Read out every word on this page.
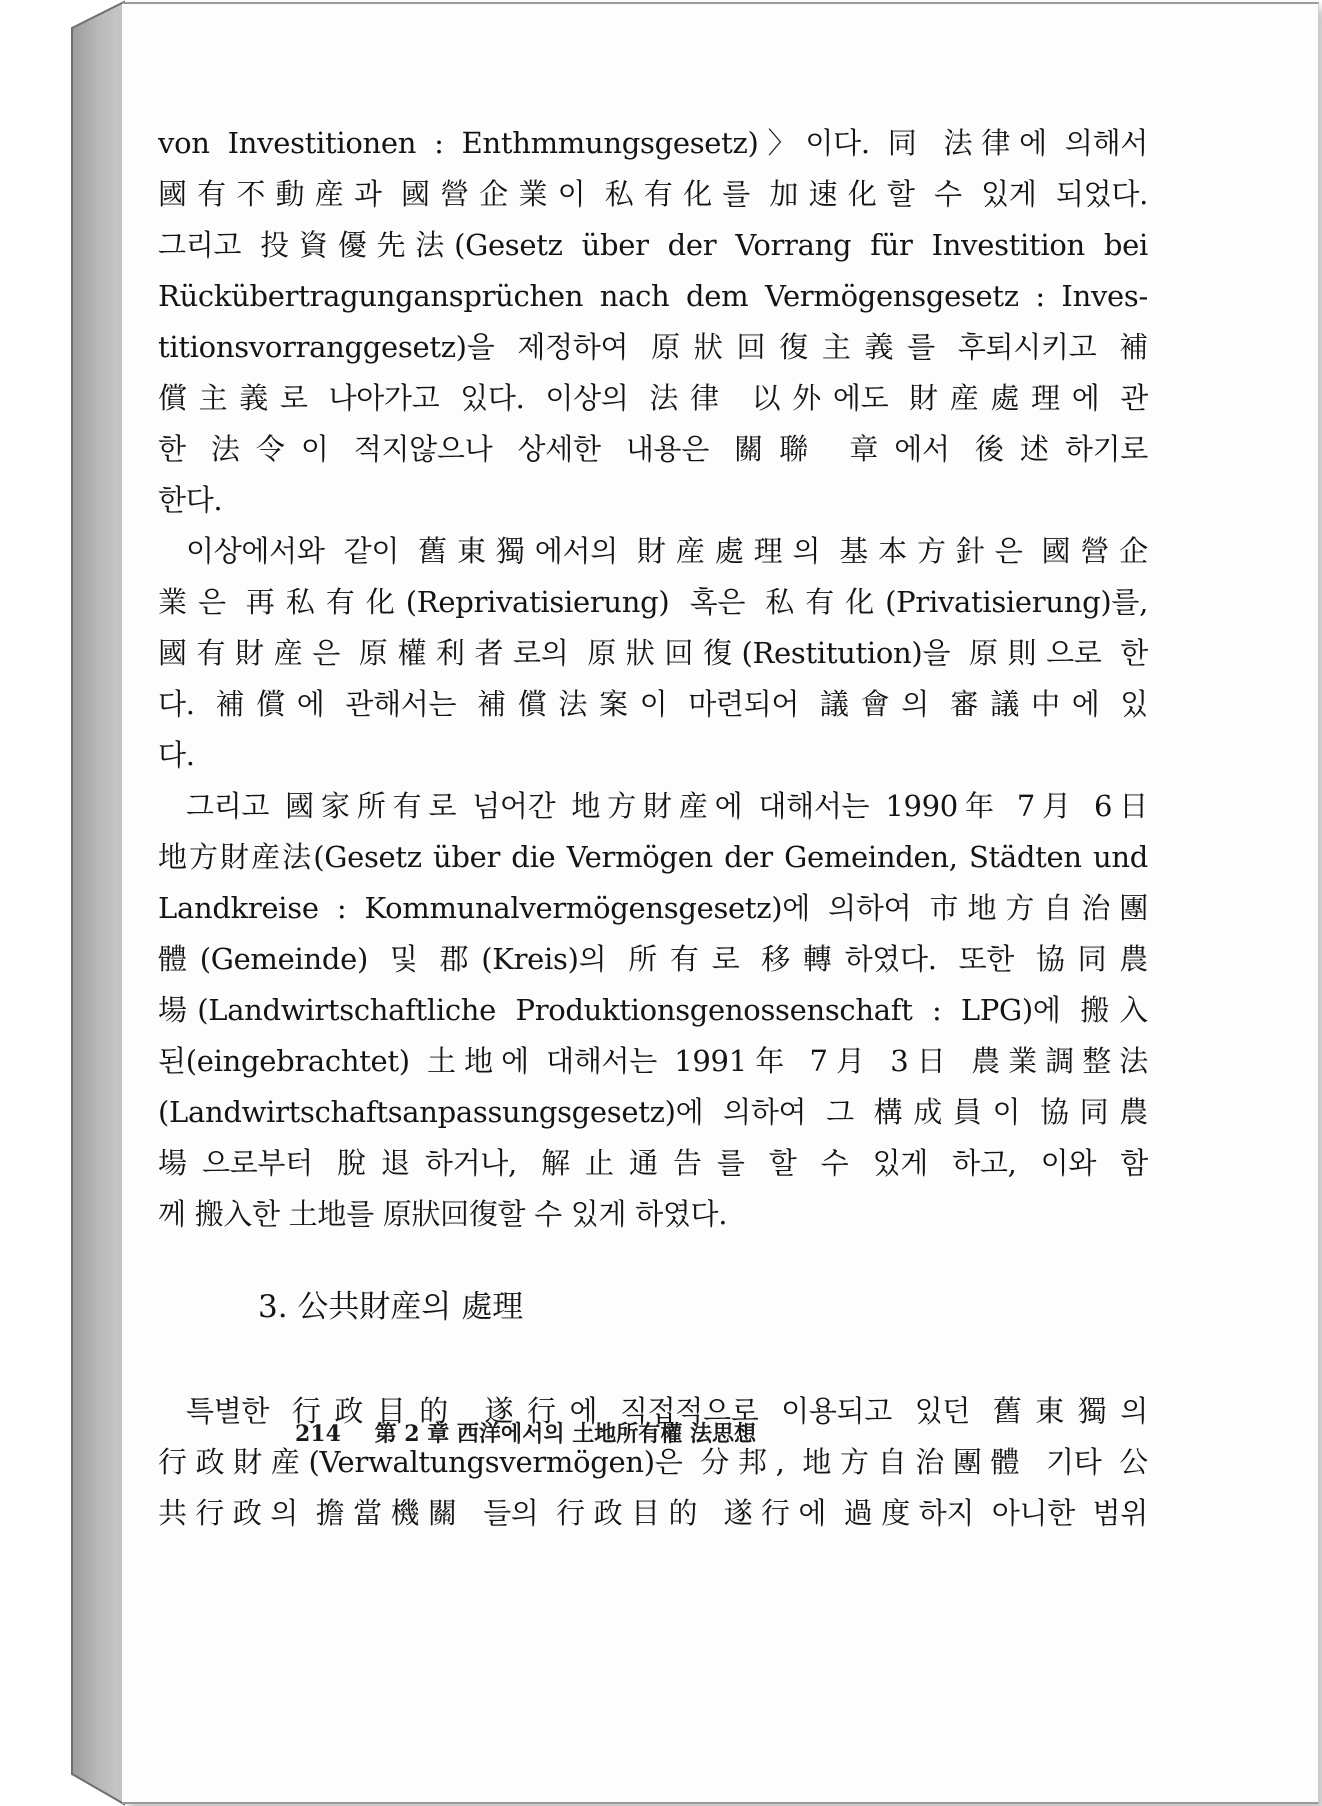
von Investitionen : Enthmmungsgesetz)〉이다. 同 法律에 의해서
國有不動産과 國營企業이 私有化를 加速化할 수 있게 되었다.
그리고 投資優先法(Gesetz über der Vorrang für Investition bei
Rückübertragunganspr​üchen nach dem Vermögensgesetz : Inves-
titionsvorranggesetz)을 제정하여 原狀回復主義를 후퇴시키고 補
償主義로 나아가고 있다. 이상의 法律 以外에도 財産處理에 관
한 法令이 적지않으나 상세한 내용은 關聯 章에서 後述하기로
한다.
이상에서와 같이 舊東獨에서의 財産處理의 基本方針은 國營企
業은 再私有化(Reprivatisierung) 혹은 私有化(Privatisierung)를,
國有財産은 原權利者로의 原狀回復(Restitution)을 原則으로 한
다. 補償에 관해서는 補償法案이 마련되어 議會의 審議中에 있
다.
그리고 國家所有로 넘어간 地方財産에 대해서는 1990年 7月 6日
地方財産法(Gesetz über die Vermögen der Gemeinden, Städten und
Landkreise : Kommunalvermögensgesetz)에 의하여 市地方自治團
體(Gemeinde) 및 郡(Kreis)의 所有로 移轉하였다. 또한 協同農
場(Landwirtschaftliche Produktionsgenossenschaft : LPG)에 搬入
된(eingebrachtet) 土地에 대해서는 1991年 7月 3日 農業調整法
(Landwirtschaftsanpassungsgesetz)에 의하여 그 構成員이 協同農
場으로부터 脫退하거나, 解止通告를 할 수 있게 하고, 이와 함
께 搬入한 土地를 原狀回復할 수 있게 하였다.
3. 公共財産의 處理
특별한 行政目的 遂行에 직접적으로 이용되고 있던 舊東獨의
行政財産(Verwaltungsvermögen)은 分邦, 地方自治團體 기타 公
共行政의 擔當機關 들의 行政目的 遂行에 過度하지 아니한 범위
214 第 2 章 西洋에서의 土地所有權 法思想
